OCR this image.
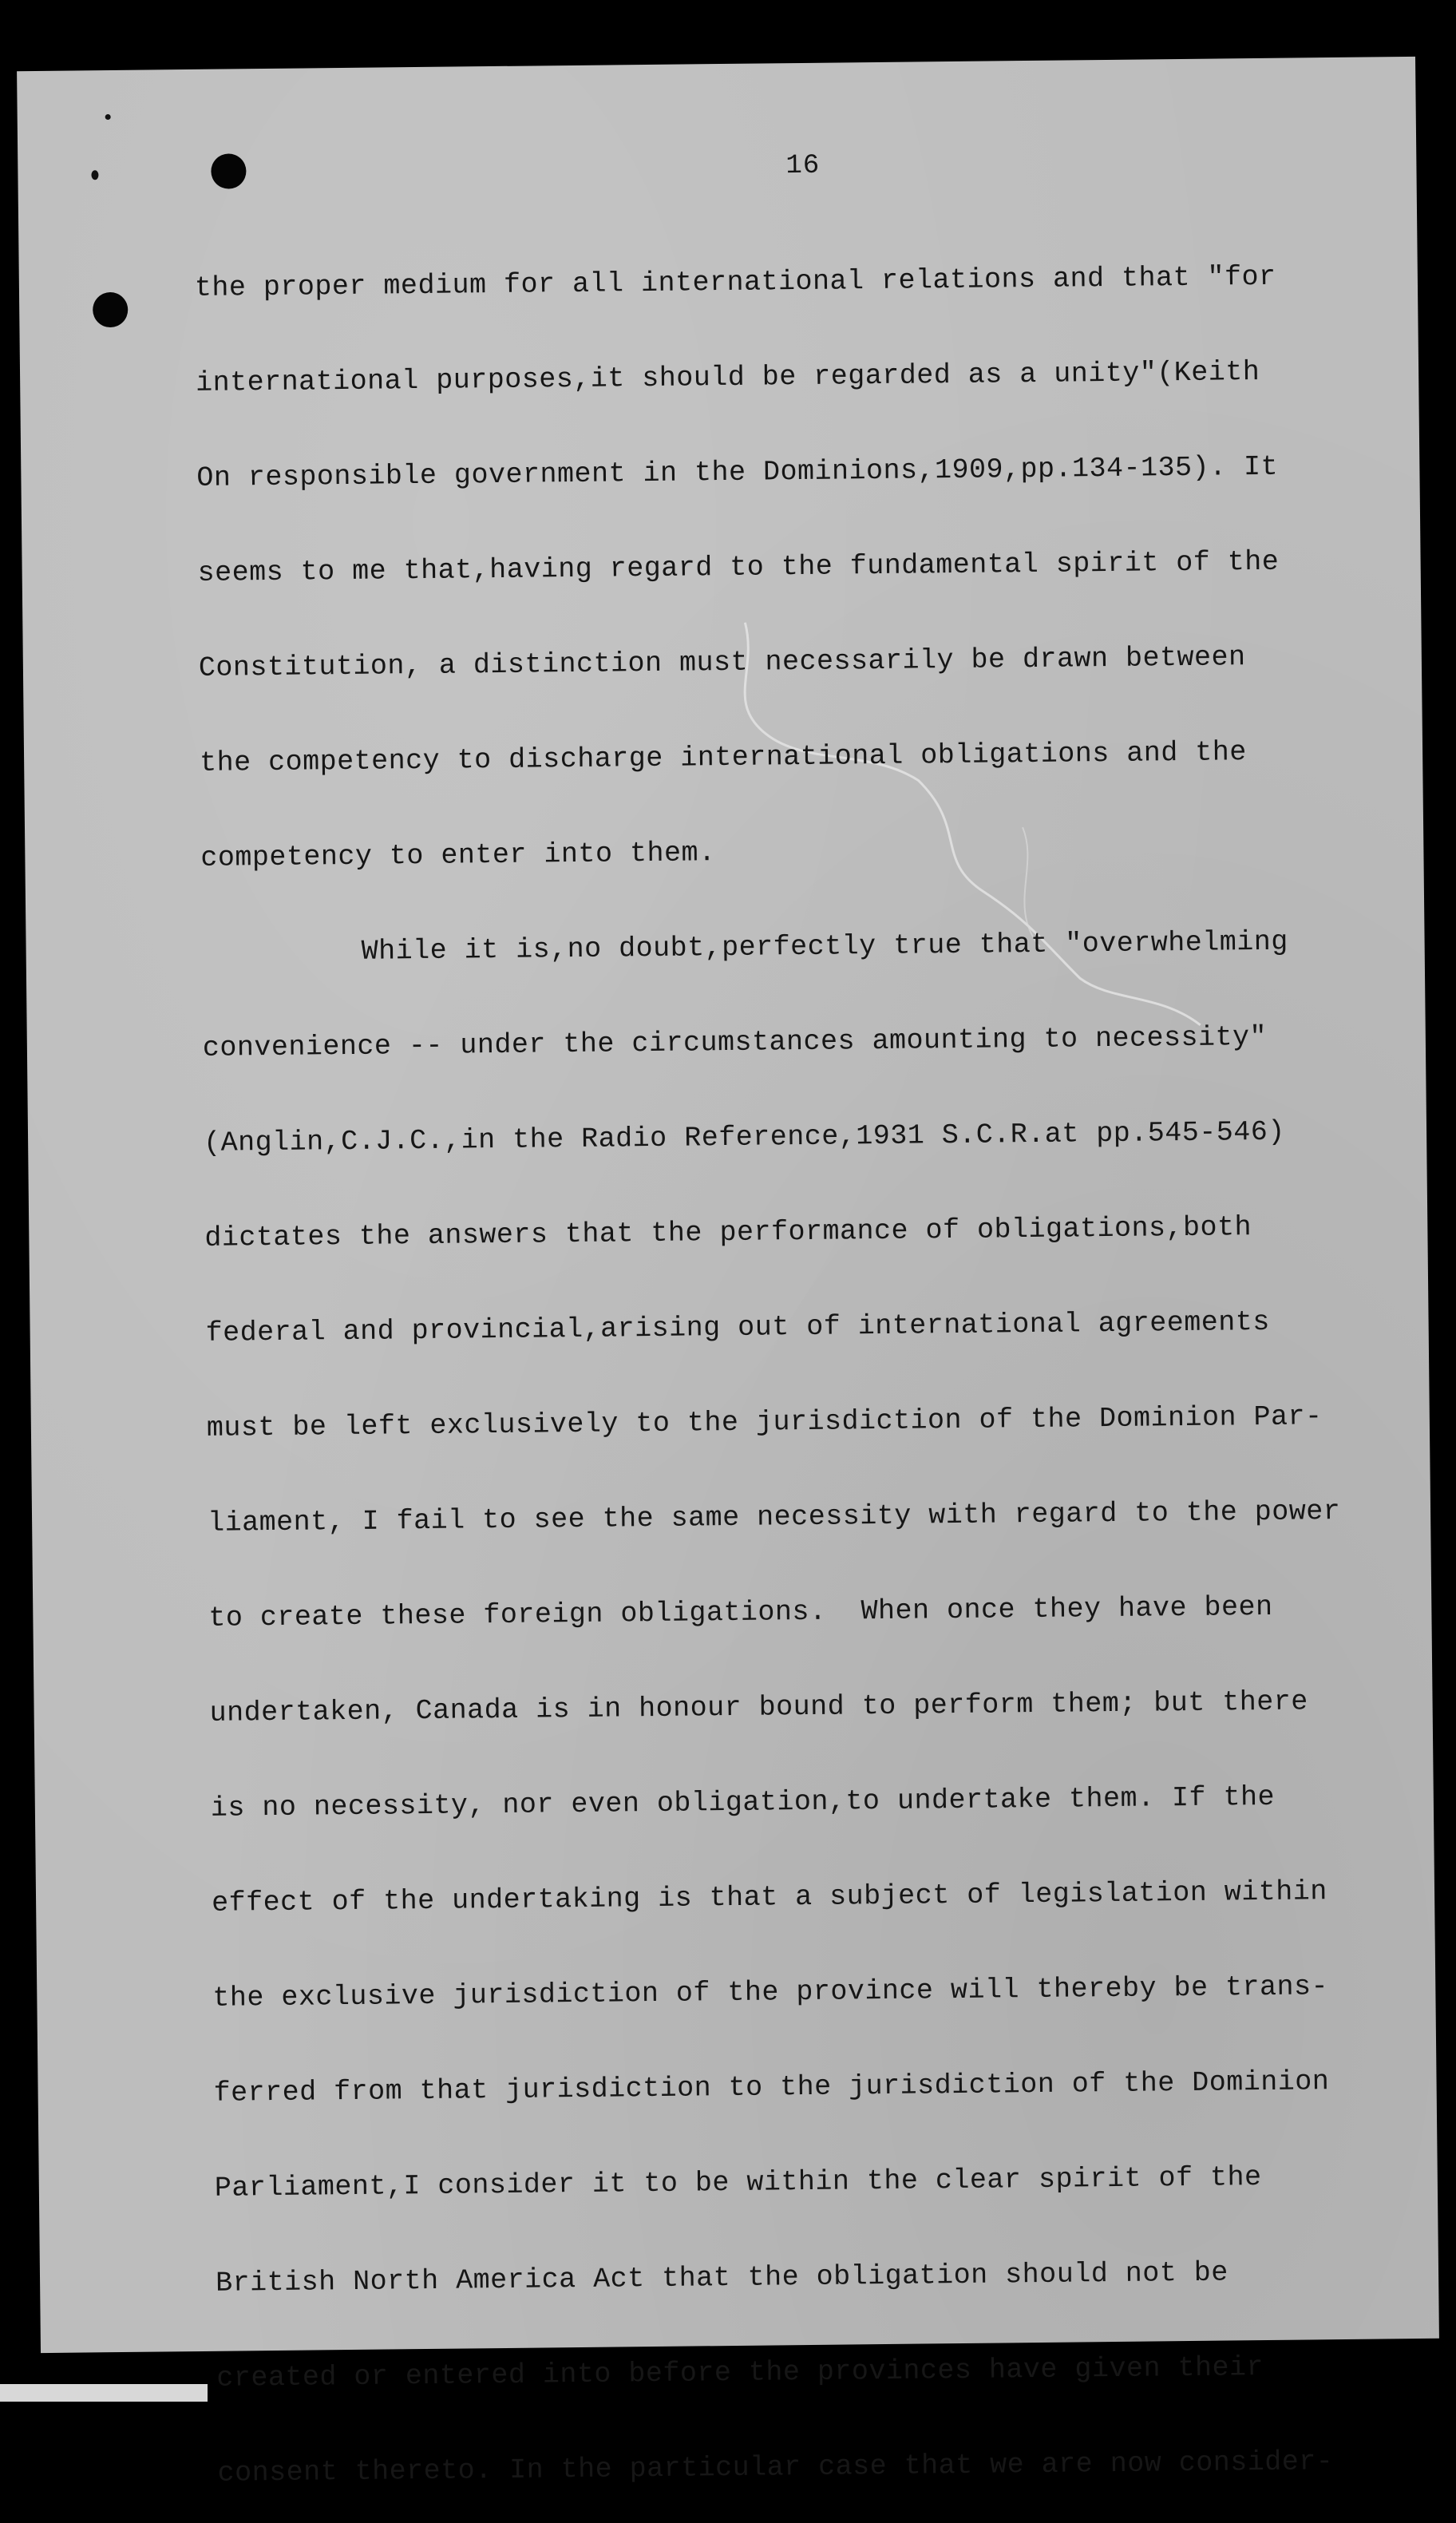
16
the proper medium for all international relations and that "for
international purposes,it should be regarded as a unity"(Keith
On responsible government in the Dominions,1909,pp.134-135). It
seems to me that,having regard to the fundamental spirit of the
Constitution, a distinction must necessarily be drawn between
the competency to discharge international obligations and the
competency to enter into them.
While it is,no doubt,perfectly true that "overwhelming
convenience -- under the circumstances amounting to necessity"
(Anglin,C.J.C.,in the Radio Reference,1931 S.C.R.at pp.545-546)
dictates the answers that the performance of obligations,both
federal and provincial,arising out of international agreements
must be left exclusively to the jurisdiction of the Dominion Par-
liament, I fail to see the same necessity with regard to the power
to create these foreign obligations.  When once they have been
undertaken, Canada is in honour bound to perform them; but there
is no necessity, nor even obligation,to undertake them. If the
effect of the undertaking is that a subject of legislation within
the exclusive jurisdiction of the province will thereby be trans-
ferred from that jurisdiction to the jurisdiction of the Dominion
Parliament,I consider it to be within the clear spirit of the
British North America Act that the obligation should not be
created or entered into before the provinces have given their
consent thereto. In the particular case that we are now consider-
